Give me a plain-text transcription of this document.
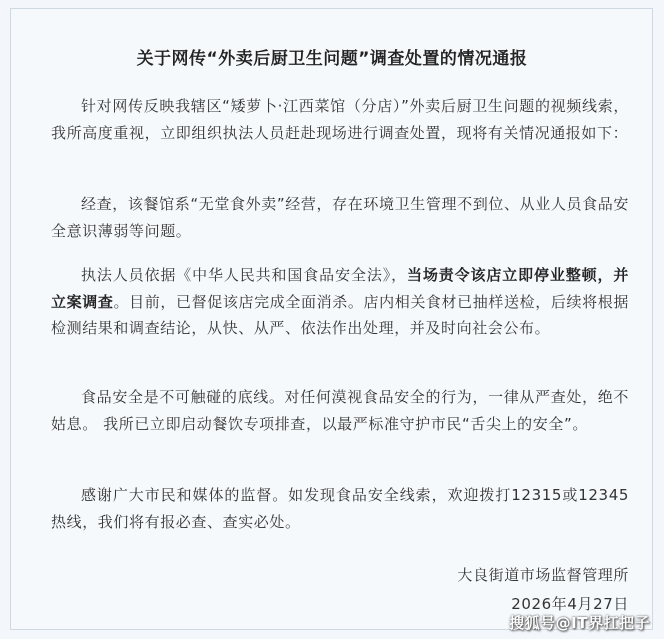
关于网传“外卖后厨卫生问题”调查处置的情况通报

针对网传反映我辖区“矮萝卜·江西菜馆（分店）”外卖后厨卫生问题的视频线索，我所高度重视，立即组织执法人员赶赴现场进行调查处置，现将有关情况通报如下：

经查，该餐馆系“无堂食外卖”经营，存在环境卫生管理不到位、从业人员食品安全意识薄弱等问题。

执法人员依据《中华人民共和国食品安全法》，当场责令该店立即停业整顿，并立案调查。目前，已督促该店完成全面消杀。店内相关食材已抽样送检，后续将根据检测结果和调查结论，从快、从严、依法作出处理，并及时向社会公布。

食品安全是不可触碰的底线。对任何漠视食品安全的行为，一律从严查处，绝不姑息。 我所已立即启动餐饮专项排查，以最严标准守护市民“舌尖上的安全”。

感谢广大市民和媒体的监督。如发现食品安全线索，欢迎拨打12315或12345热线，我们将有报必查、查实必处。

大良街道市场监督管理所
2026年4月27日
搜狐号@IT界扛把子
